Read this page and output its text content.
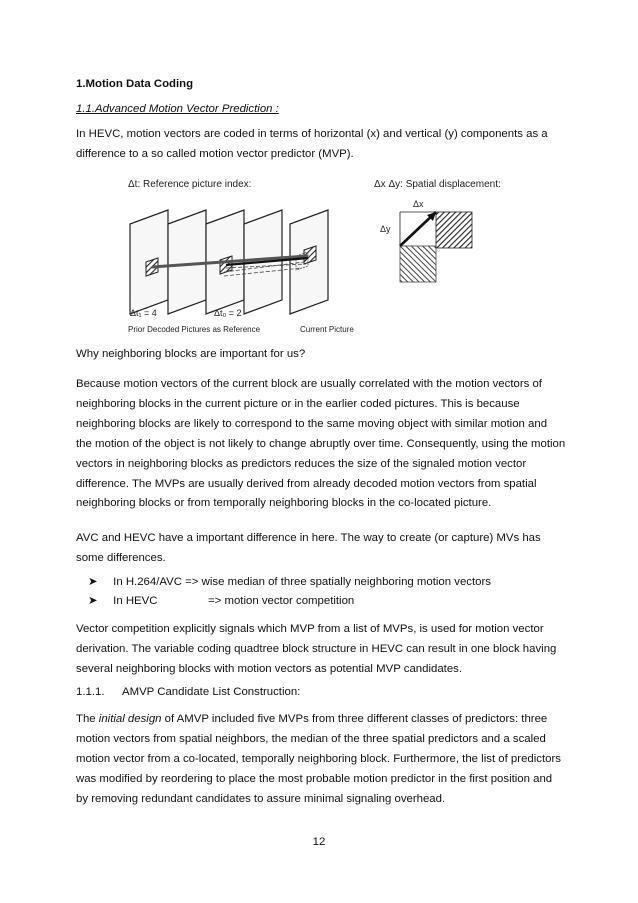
1.Motion Data Coding
1.1.Advanced Motion Vector Prediction :
In HEVC, motion vectors are coded in terms of horizontal (x) and vertical (y) components as a difference to a so called motion vector predictor (MVP).
Δt: Reference picture index:	Δx Δy: Spatial displacement:
Δt₁ = 4	Δt₀ = 2
Prior Decoded Pictures as Reference	Current Picture
Δx
Δy
Why neighboring blocks are important for us?
Because motion vectors of the current block are usually correlated with the motion vectors of neighboring blocks in the current picture or in the earlier coded pictures. This is because neighboring blocks are likely to correspond to the same moving object with similar motion and the motion of the object is not likely to change abruptly over time. Consequently, using the motion vectors in neighboring blocks as predictors reduces the size of the signaled motion vector difference. The MVPs are usually derived from already decoded motion vectors from spatial neighboring blocks or from temporally neighboring blocks in the co-located picture.
AVC and HEVC have a important difference in here. The way to create (or capture) MVs has some differences.
➤ In H.264/AVC => wise median of three spatially neighboring motion vectors
➤ In HEVC	=> motion vector competition
Vector competition explicitly signals which MVP from a list of MVPs, is used for motion vector derivation. The variable coding quadtree block structure in HEVC can result in one block having several neighboring blocks with motion vectors as potential MVP candidates.
1.1.1. AMVP Candidate List Construction:
The initial design of AMVP included five MVPs from three different classes of predictors: three motion vectors from spatial neighbors, the median of the three spatial predictors and a scaled motion vector from a co-located, temporally neighboring block. Furthermore, the list of predictors was modified by reordering to place the most probable motion predictor in the first position and by removing redundant candidates to assure minimal signaling overhead.
12
